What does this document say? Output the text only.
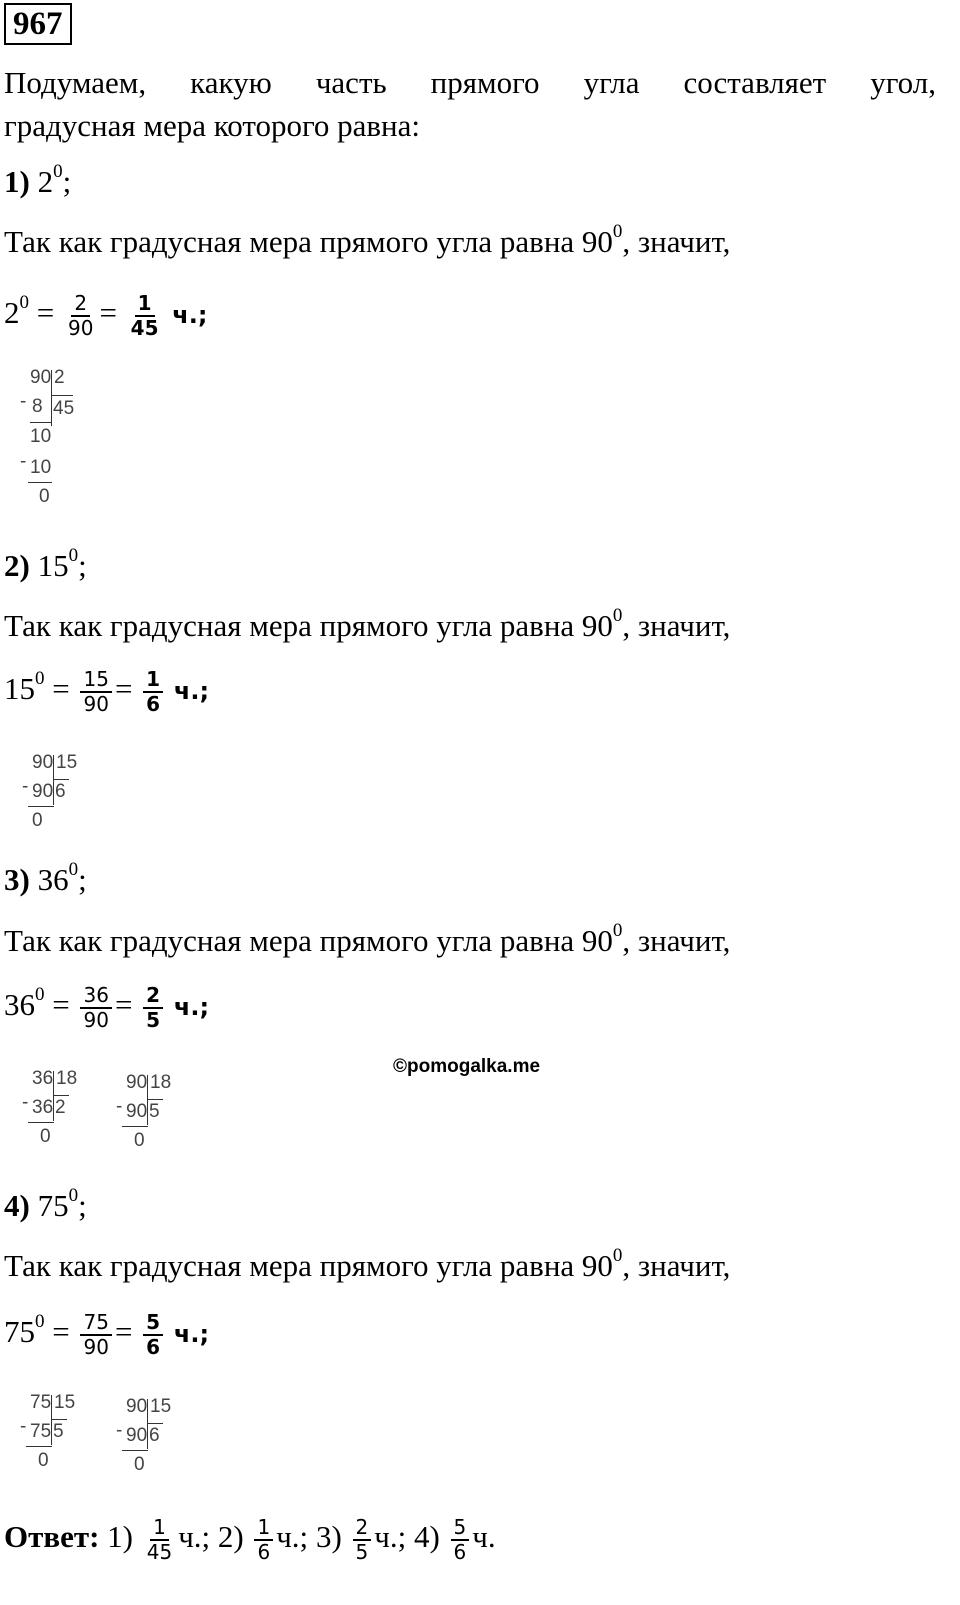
967
Подумаем, какую часть прямого угла составляет угол,
градусная мера которого равна:
1) $2^0$;
Так как градусная мера прямого угла равна $90^0$, значит,
$2^0 = \frac{2}{90} = \frac{1}{45} ч$.;
90 2
- 8 45
10
- 10
0
2) $15^0$;
Так как градусная мера прямого угла равна $90^0$, значит,
$15^0 = \frac{15}{90} = \frac{1}{6} ч$.;
90 15
- 90 6
0
3) $36^0$;
Так как градусная мера прямого угла равна $90^0$, значит,
$36^0 = \frac{36}{90} = \frac{2}{5} ч$.;
©pomogalka.me
36 18
- 36 2
0
90 18
- 90 5
0
4) $75^0$;
Так как градусная мера прямого угла равна $90^0$, значит,
$75^0 = \frac{75}{90} = \frac{5}{6} ч$.;
75 15
- 75 5
0
90 15
- 90 6
0
Ответ: $1) \frac{1}{45} ч$.; $2) \frac{1}{6} ч$.; $3) \frac{2}{5} ч$.; $4) \frac{5}{6} ч$.
